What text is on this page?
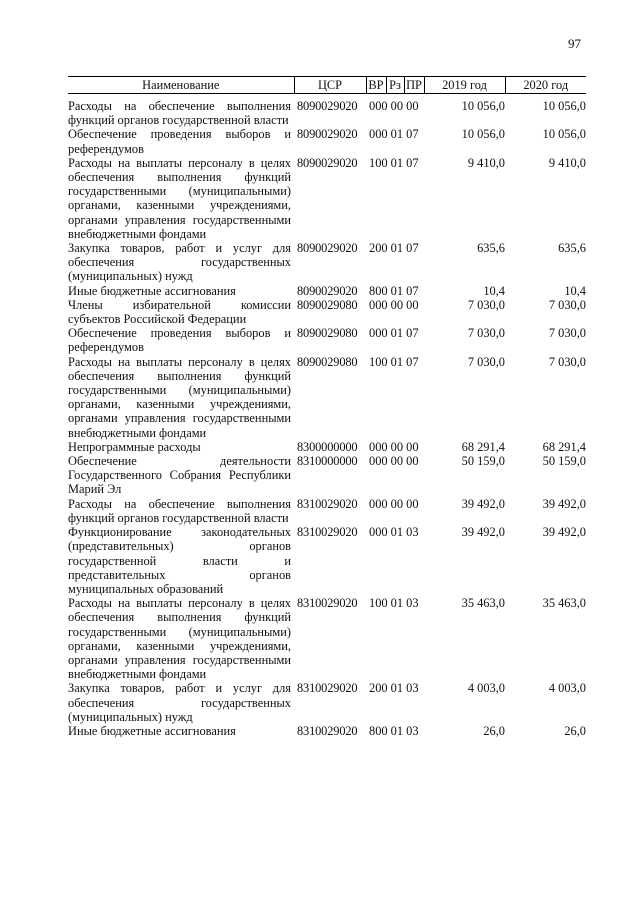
97
Наименование	ЦСР	ВР	Рз	ПР	2019 год	2020 год
Расходы на обеспечение выполнения функций органов государственной власти	8090029020	000 00 00			10 056,0	10 056,0
Обеспечение проведения выборов и референдумов	8090029020	000 01 07			10 056,0	10 056,0
Расходы на выплаты персоналу в целях обеспечения выполнения функций государственными (муниципальными) органами, казенными учреждениями, органами управления государственными внебюджетными фондами	8090029020	100 01 07			9 410,0	9 410,0
Закупка товаров, работ и услуг для обеспечения государственных (муниципальных) нужд	8090029020	200 01 07			635,6	635,6
Иные бюджетные ассигнования	8090029020	800 01 07			10,4	10,4
Члены избирательной комиссии субъектов Российской Федерации	8090029080	000 00 00			7 030,0	7 030,0
Обеспечение проведения выборов и референдумов	8090029080	000 01 07			7 030,0	7 030,0
Расходы на выплаты персоналу в целях обеспечения выполнения функций государственными (муниципальными) органами, казенными учреждениями, органами управления государственными внебюджетными фондами	8090029080	100 01 07			7 030,0	7 030,0
Непрограммные расходы	8300000000	000 00 00			68 291,4	68 291,4
Обеспечение деятельности Государственного Собрания Республики Марий Эл	8310000000	000 00 00			50 159,0	50 159,0
Расходы на обеспечение выполнения функций органов государственной власти	8310029020	000 00 00			39 492,0	39 492,0
Функционирование законодательных (представительных) органов государственной власти и представительных органов муниципальных образований	8310029020	000 01 03			39 492,0	39 492,0
Расходы на выплаты персоналу в целях обеспечения выполнения функций государственными (муниципальными) органами, казенными учреждениями, органами управления государственными внебюджетными фондами	8310029020	100 01 03			35 463,0	35 463,0
Закупка товаров, работ и услуг для обеспечения государственных (муниципальных) нужд	8310029020	200 01 03			4 003,0	4 003,0
Иные бюджетные ассигнования	8310029020	800 01 03			26,0	26,0
